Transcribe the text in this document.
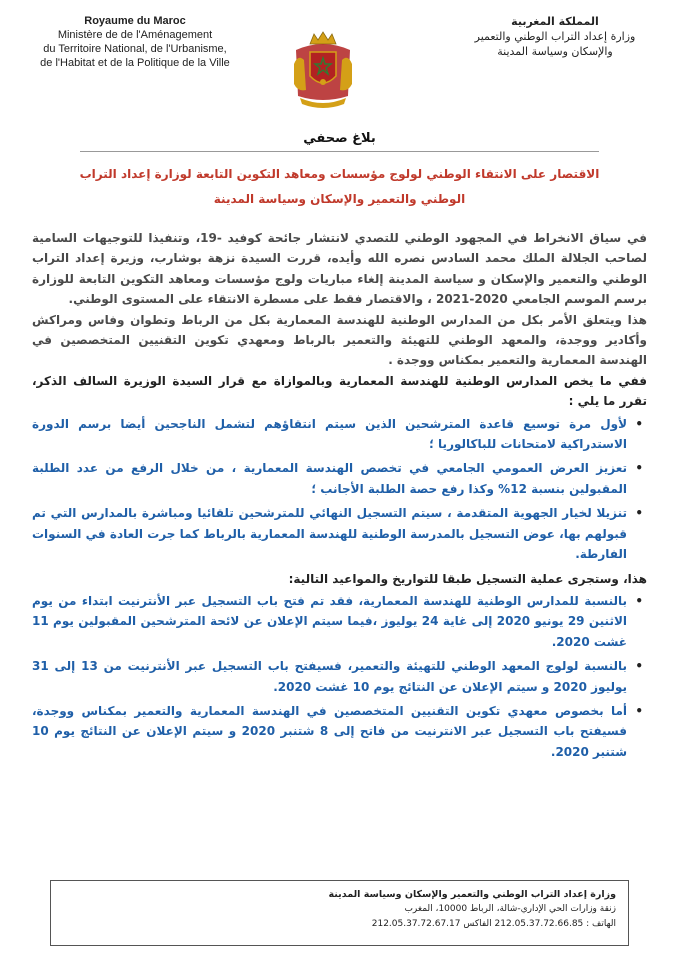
Royaume du Maroc
Ministère de de l'Aménagement
du Territoire National, de l'Urbanisme,
de l'Habitat et de la Politique de la Ville
المملكة المغربية
وزارة إعداد التراب الوطني والتعمير
والإسكان وسياسة المدينة
بلاغ صحفي
الاقتصار على الانتقاء الوطني لولوج مؤسسات ومعاهد التكوين التابعة لوزارة إعداد التراب
الوطني والتعمير والإسكان وسياسة المدينة

في سياق الانخراط في المجهود الوطني للتصدي لانتشار جائحة كوفيد -19، وتنفيذا للتوجيهات السامية لصاحب الجلالة الملك محمد السادس نصره الله وأيده، قررت السيدة نزهة بوشارب، وزيرة إعداد التراب الوطني والتعمير والإسكان و سياسة المدينة إلغاء مباريات ولوج مؤسسات ومعاهد التكوين التابعة للوزارة برسم الموسم الجامعي 2020-2021 ، والاقتصار فقط على مسطرة الانتقاء على المستوى الوطني.

هذا ويتعلق الأمر بكل من المدارس الوطنية للهندسة المعمارية بكل من الرباط وتطوان وفاس ومراكش وأكادير ووجدة، والمعهد الوطني للتهيئة والتعمير بالرباط ومعهدي تكوين التقنيين المتخصصين في الهندسة المعمارية والتعمير بمكناس ووجدة .

ففي ما يخص المدارس الوطنية للهندسة المعمارية وبالموازاة مع قرار السيدة الوزيرة السالف الذكر، تقرر ما يلي :

•
لأول مرة توسيع قاعدة المترشحين الذين سيتم انتقاؤهم لتشمل الناجحين أيضا برسم الدورة الاستدراكية لامتحانات للباكالوريا ؛
•
تعزيز العرض العمومي الجامعي في تخصص الهندسة المعمارية ، من خلال الرفع من عدد الطلبة المقبولين بنسبة 12% وكذا رفع حصة الطلبة الأجانب ؛
•
تنزيلا لخيار الجهوية المتقدمة ، سيتم التسجيل النهائي للمترشحين تلقائيا ومباشرة بالمدارس التي تم قبولهم بها، عوض التسجيل بالمدرسة الوطنية للهندسة المعمارية بالرباط كما جرت العادة في السنوات الفارطة.

هذا، وستجرى عملية التسجيل طبقا للتواريخ والمواعيد التالية:

•
بالنسبة للمدارس الوطنية للهندسة المعمارية، فقد تم فتح باب التسجيل عبر الأنترنيت ابتداء من يوم الاثنين 29 يونيو 2020 إلى غاية 24 يوليوز ،فيما سيتم الإعلان عن لائحة المترشحين المقبولين يوم 11 غشت 2020.
•
بالنسبة لولوج المعهد الوطني للتهيئة والتعمير، فسيفتح باب التسجيل عبر الأنترنيت من 13 إلى 31 يوليوز 2020 و سيتم الإعلان عن النتائج يوم 10 غشت 2020.
•
أما بخصوص معهدي تكوين التقنيين المتخصصين في الهندسة المعمارية والتعمير بمكناس ووجدة، فسيفتح باب التسجيل عبر الانترنيت من فاتح إلى 8 شتنبر 2020 و سيتم الإعلان عن النتائج يوم 10 شتنبر 2020.
وزارة إعداد التراب الوطني والتعمير والإسكان وسياسة المدينة
زنقة وزارات الحي الإداري-شالة، الرباط 10000، المغرب
الهاتف : 212.05.37.72.66.85 الفاكس 212.05.37.72.67.17
